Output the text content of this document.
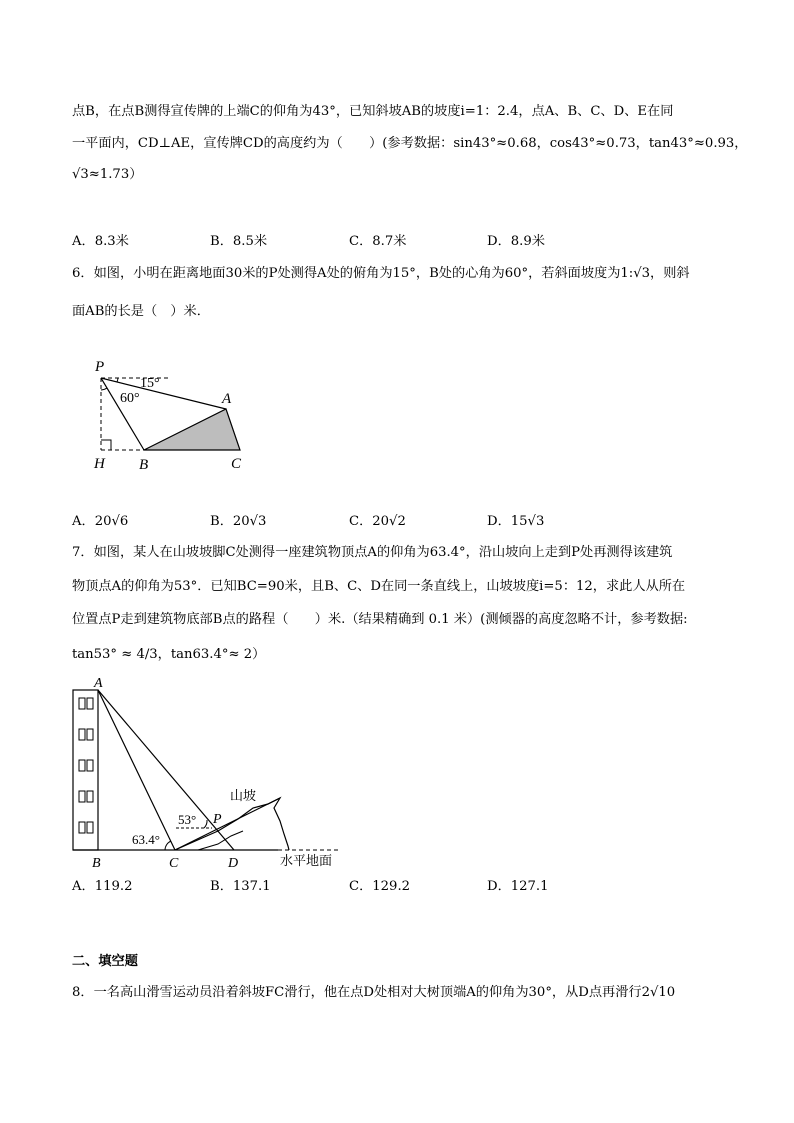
点B，在点B测得宣传牌的上端C的仰角为43°，已知斜坡AB的坡度i=1：2.4，点A、B、C、D、E在同
一平面内，CD⊥AE，宣传牌CD的高度约为（　　）(参考数据：sin43°≈0.68，cos43°≈0.73，tan43°≈0.93，
√3≈1.73）
A．8.3米	B．8.5米	C．8.7米	D．8.9米
6．如图，小明在距离地面30米的P处测得A处的俯角为15°，B处的心角为60°，若斜面坡度为1:√3，则斜
面AB的长是（　）米．
P
A
H B	C
15°
60°
A．20√6	B．20√3	C．20√2	D．15√3
7．如图，某人在山坡坡脚C处测得一座建筑物顶点A的仰角为63.4°，沿山坡向上走到P处再测得该建筑
物顶点A的仰角为53°．已知BC=90米，且B、C、D在同一条直线上，山坡坡度i=5：12，求此人从所在
位置点P走到建筑物底部B点的路程（　　）米.（结果精确到 0.1 米）(测倾器的高度忽略不计，参考数据:
tan53° ≈ 4/3，tan63.4°≈ 2）
A
B	C	D
P
53°
63.4°
山坡
水平地面
A．119.2	B．137.1	C．129.2	D．127.1
二、填空题
8．一名高山滑雪运动员沿着斜坡FC滑行，他在点D处相对大树顶端A的仰角为30°，从D点再滑行2√10
